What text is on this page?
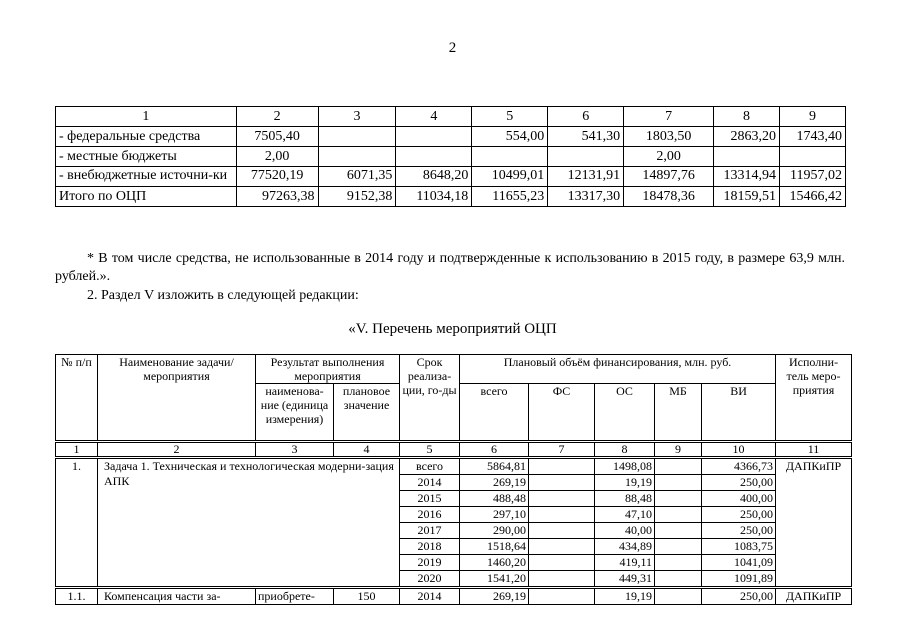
2
1	2	3	4	5	6	7	8	9
- федеральные средства	7505,40			554,00	541,30	1803,50	2863,20	1743,40
- местные бюджеты	2,00					2,00		
- внебюджетные источни-ки	77520,19	6071,35	8648,20	10499,01	12131,91	14897,76	13314,94	11957,02
Итого по ОЦП	97263,38	9152,38	11034,18	11655,23	13317,30	18478,36	18159,51	15466,42

* В том числе средства, не использованные в 2014 году и подтвержденные к использованию в 2015 году, в размере 63,9 млн. рублей.».

2. Раздел V изложить в следующей редакции:

«V. Перечень мероприятий ОЦП
№ п/п	Наименование задачи/мероприятия	Результат выполнения мероприятия		Срок реализа-ции, го-ды	Плановый объём финансирования, млн. руб.					Исполни-тель меро-приятия
		наименова-ние (единица измерения)	плановое значение		всего	ФС	ОС	МБ	ВИ	
1	2	3	4	5	6	7	8	9	10	11
1.	Задача 1. Техническая и технологическая модерни-зация АПК			всего	5864,81		1498,08		4366,73	ДАПКиПР
				2014	269,19		19,19		250,00	
				2015	488,48		88,48		400,00	
				2016	297,10		47,10		250,00	
				2017	290,00		40,00		250,00	
				2018	1518,64		434,89		1083,75	
				2019	1460,20		419,11		1041,09	
				2020	1541,20		449,31		1091,89	
1.1.	Компенсация части за-	приобрете-	150	2014	269,19		19,19		250,00	ДАПКиПР
